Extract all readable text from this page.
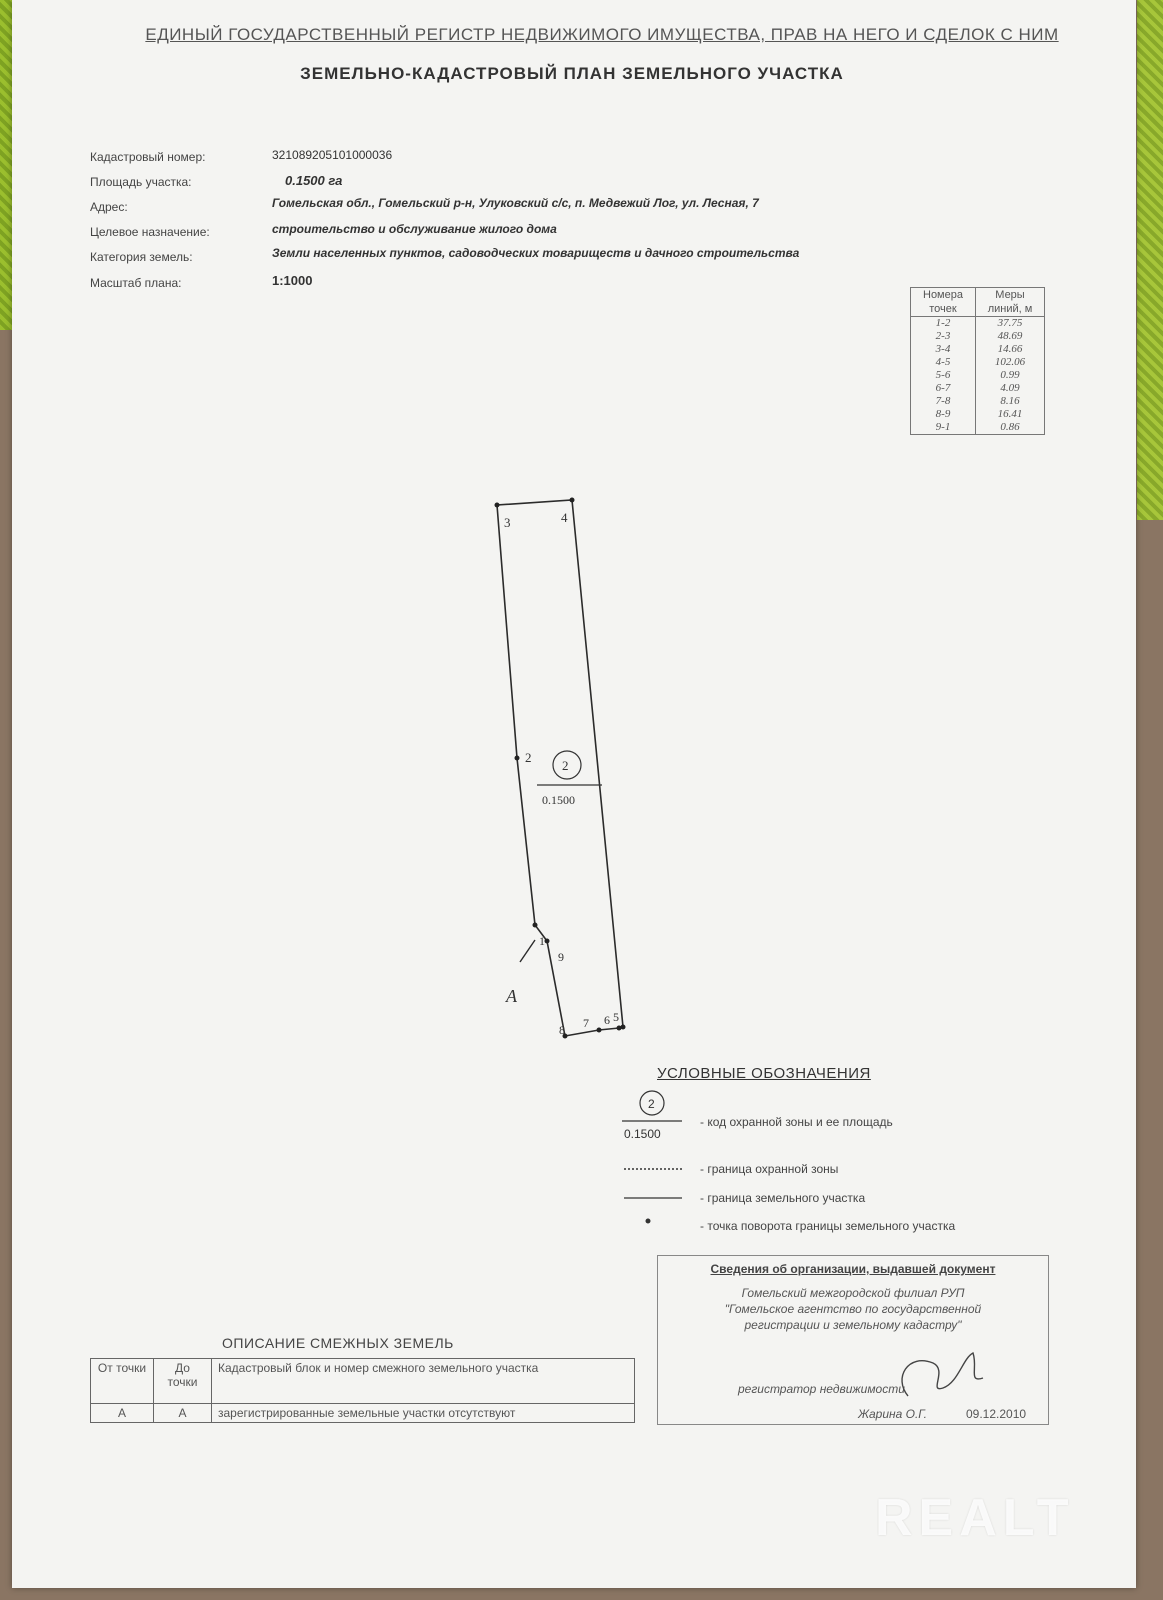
ЕДИНЫЙ ГОСУДАРСТВЕННЫЙ РЕГИСТР НЕДВИЖИМОГО ИМУЩЕСТВА, ПРАВ НА НЕГО И СДЕЛОК С НИМ
ЗЕМЕЛЬНО-КАДАСТРОВЫЙ ПЛАН ЗЕМЕЛЬНОГО УЧАСТКА
Кадастровый номер:	321089205101000036
Площадь участка:	0.1500 га
Адрес:	Гомельская обл., Гомельский р-н, Улуковский с/с, п. Медвежий Лог, ул. Лесная, 7
Целевое назначение:	строительство и обслуживание жилого дома
Категория земель:	Земли населенных пунктов, садоводческих товариществ и дачного строительства
Масштаб плана:	1:1000
Номера точек	Меры линий, м
1-2	37.75
2-3	48.69
3-4	14.66
4-5	102.06
5-6	0.99
6-7	4.09
7-8	8.16
8-9	16.41
9-1	0.86
1
2
3	4
5
6
7
8
9
А
2
0.1500
УСЛОВНЫЕ ОБОЗНАЧЕНИЯ
2
0.1500
- код охранной зоны и ее площадь
- граница охранной зоны
- граница земельного участка
- точка поворота границы земельного участка
Сведения об организации, выдавшей документ
Гомельский межгородской филиал РУП
"Гомельское агентство по государственной
регистрации и земельному кадастру"
регистратор недвижимости
Жарина О.Г.	09.12.2010
ОПИСАНИЕ СМЕЖНЫХ ЗЕМЕЛЬ
От точки	До точки	Кадастровый блок и номер смежного земельного участка
А	А	зарегистрированные земельные участки отсутствуют
REALT
